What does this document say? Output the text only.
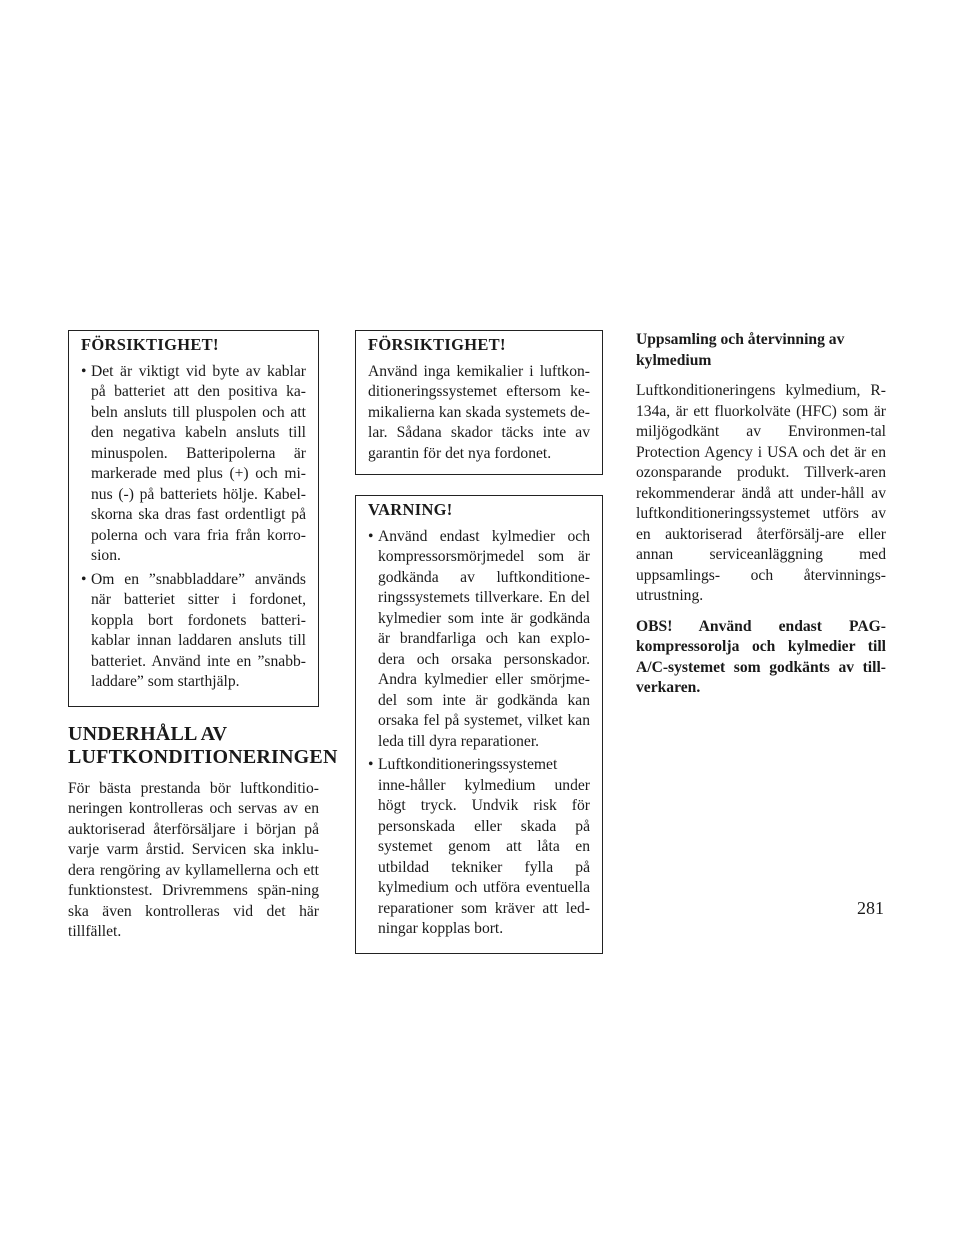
FÖRSIKTIGHET!
• Det är viktigt vid byte av kablar på batteriet att den positiva ka-beln ansluts till pluspolen och att den negativa kabeln ansluts till minuspolen. Batteripolerna är markerade med plus (+) och mi-nus (-) på batteriets hölje. Kabel-skorna ska dras fast ordentligt på polerna och vara fria från korro-sion.
• Om en ”snabbladdare” används när batteriet sitter i fordonet, koppla bort fordonets batteri-kablar innan laddaren ansluts till batteriet. Använd inte en ”snabb-laddare” som starthjälp.
UNDERHÅLL AV
LUFTKONDITIONERINGEN

För bästa prestanda bör luftkonditio-neringen kontrolleras och servas av en auktoriserad återförsäljare i början på varje varm årstid. Servicen ska inklu-dera rengöring av kyllamellerna och ett funktionstest. Drivremmens spän-ning ska även kontrolleras vid det här tillfället.

FÖRSIKTIGHET!

Använd inga kemikalier i luftkon-ditioneringssystemet eftersom ke-mikalierna kan skada systemets de-lar. Sådana skador täcks inte av garantin för det nya fordonet.

VARNING!
• Använd endast kylmedier och kompressorsmörjmedel som är godkända av luftkonditione-ringssystemets tillverkare. En del kylmedier som inte är godkända är brandfarliga och kan explo-dera och orsaka personskador. Andra kylmedier eller smörjme-del som inte är godkända kan orsaka fel på systemet, vilket kan leda till dyra reparationer.
• Luftkonditioneringssystemet inne-håller kylmedium under högt tryck. Undvik risk för personskada eller skada på systemet genom att låta en utbildad tekniker fylla på kylmedium och utföra eventuella reparationer som kräver att led-ningar kopplas bort.
Uppsamling och återvinning av kylmedium

Luftkonditioneringens kylmedium, R-134a, är ett fluorkolväte (HFC) som är miljögodkänt av Environmen-tal Protection Agency i USA och det är en ozonsparande produkt. Tillverk-aren rekommenderar ändå att under-håll av luftkonditioneringssystemet utförs av en auktoriserad återförsälj-are eller annan serviceanläggning med uppsamlings- och återvinnings-utrustning.

OBS! Använd endast PAG-kompressorolja och kylmedier till A/C-systemet som godkänts av till-verkaren.

281
